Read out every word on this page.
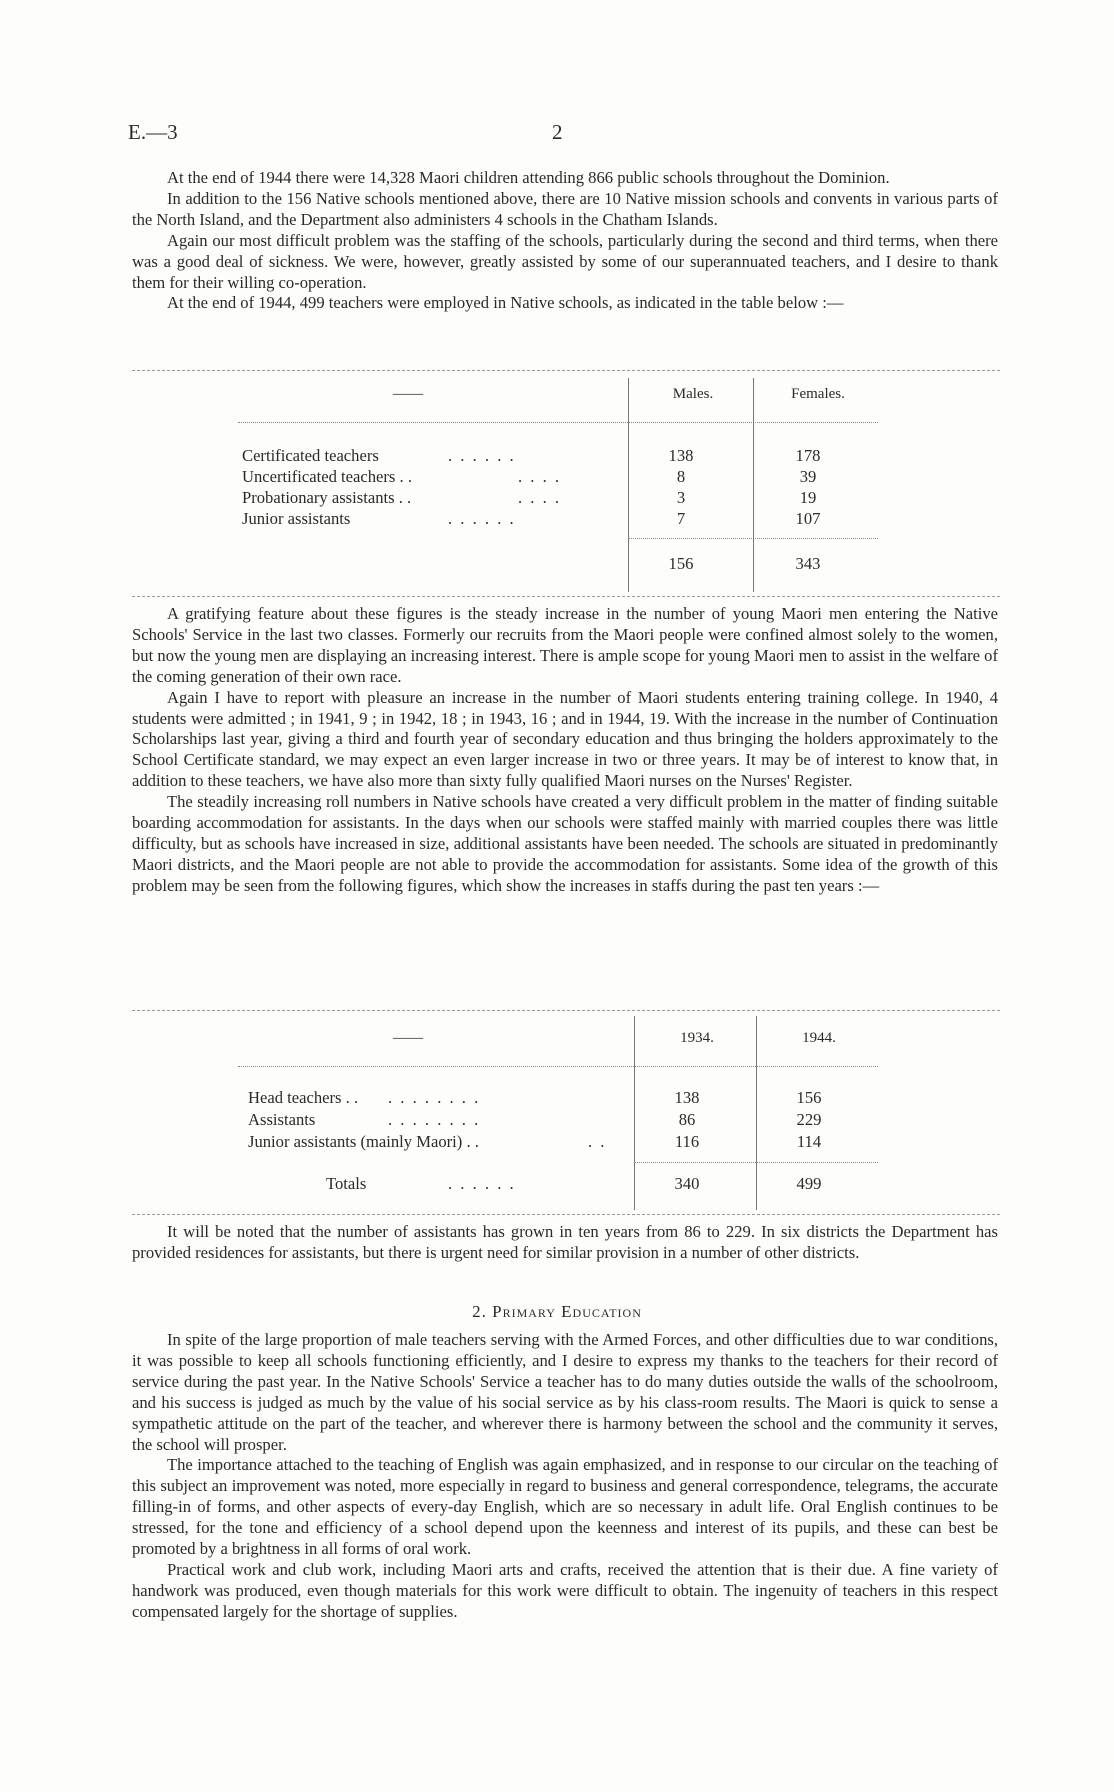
E.—3	2

At the end of 1944 there were 14,328 Maori children attending 866 public schools throughout the Dominion.

In addition to the 156 Native schools mentioned above, there are 10 Native mission schools and convents in various parts of the North Island, and the Department also administers 4 schools in the Chatham Islands.

Again our most difficult problem was the staffing of the schools, particularly during the second and third terms, when there was a good deal of sickness. We were, however, greatly assisted by some of our superannuated teachers, and I desire to thank them for their willing co-operation.

At the end of 1944, 499 teachers were employed in Native schools, as indicated in the table below :—

——	Males.	Females.
Certificated teachers	. . . . . .	138	178
Uncertificated teachers . .	. . . .	8	39
Probationary assistants . .	. . . .	3	19
Junior assistants	. . . . . .	7	107
156	343

A gratifying feature about these figures is the steady increase in the number of young Maori men entering the Native Schools' Service in the last two classes. Formerly our recruits from the Maori people were confined almost solely to the women, but now the young men are displaying an increasing interest. There is ample scope for young Maori men to assist in the welfare of the coming generation of their own race.

Again I have to report with pleasure an increase in the number of Maori students entering training college. In 1940, 4 students were admitted ; in 1941, 9 ; in 1942, 18 ; in 1943, 16 ; and in 1944, 19. With the increase in the number of Continuation Scholarships last year, giving a third and fourth year of secondary education and thus bringing the holders approximately to the School Certificate standard, we may expect an even larger increase in two or three years. It may be of interest to know that, in addition to these teachers, we have also more than sixty fully qualified Maori nurses on the Nurses' Register.

The steadily increasing roll numbers in Native schools have created a very difficult problem in the matter of finding suitable boarding accommodation for assistants. In the days when our schools were staffed mainly with married couples there was little difficulty, but as schools have increased in size, additional assistants have been needed. The schools are situated in predominantly Maori districts, and the Maori people are not able to provide the accommodation for assistants. Some idea of the growth of this problem may be seen from the following figures, which show the increases in staffs during the past ten years :—

——	1934.	1944.
Head teachers . . . . . . . . . .	138	156
Assistants	. . . . . . . .	86	229
Junior assistants (mainly Maori) . .	. .	116	114
Totals	. . . . . .	340	499

It will be noted that the number of assistants has grown in ten years from 86 to 229. In six districts the Department has provided residences for assistants, but there is urgent need for similar provision in a number of other districts.

2. Primary Education

In spite of the large proportion of male teachers serving with the Armed Forces, and other difficulties due to war conditions, it was possible to keep all schools functioning efficiently, and I desire to express my thanks to the teachers for their record of service during the past year. In the Native Schools' Service a teacher has to do many duties outside the walls of the schoolroom, and his success is judged as much by the value of his social service as by his class-room results. The Maori is quick to sense a sympathetic attitude on the part of the teacher, and wherever there is harmony between the school and the community it serves, the school will prosper.

The importance attached to the teaching of English was again emphasized, and in response to our circular on the teaching of this subject an improvement was noted, more especially in regard to business and general correspondence, telegrams, the accurate filling-in of forms, and other aspects of every-day English, which are so necessary in adult life. Oral English continues to be stressed, for the tone and efficiency of a school depend upon the keenness and interest of its pupils, and these can best be promoted by a brightness in all forms of oral work.

Practical work and club work, including Maori arts and crafts, received the attention that is their due. A fine variety of handwork was produced, even though materials for this work were difficult to obtain. The ingenuity of teachers in this respect compensated largely for the shortage of supplies.
